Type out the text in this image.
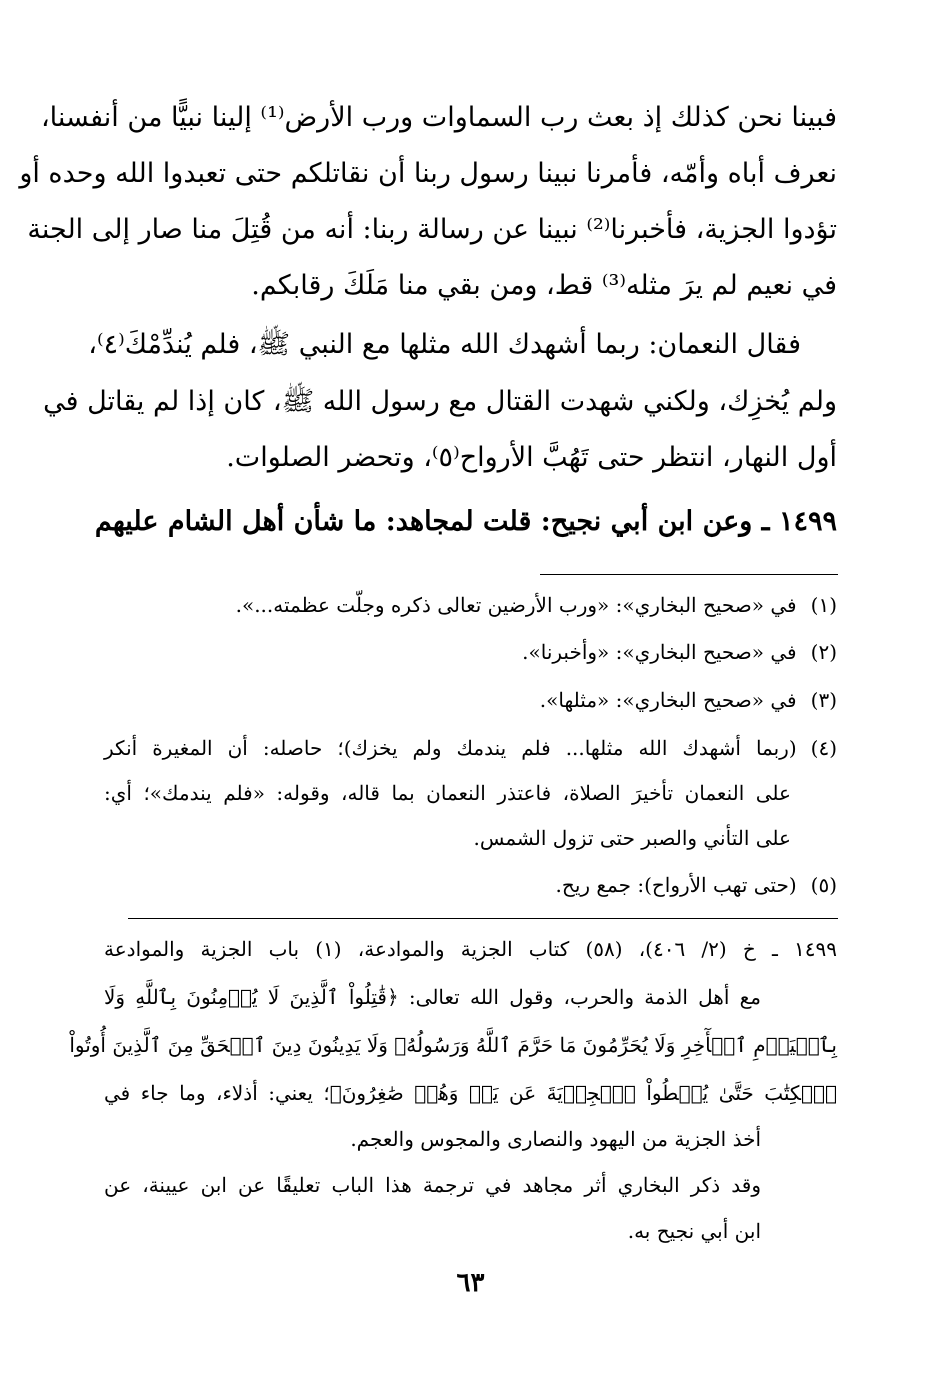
فبينا نحن كذلك إذ بعث رب السماوات ورب الأرض⁽¹⁾ إلينا نبيًّا من أنفسنا،
نعرف أباه وأمّه، فأمرنا نبينا رسول ربنا أن نقاتلكم حتى تعبدوا الله وحده أو
تؤدوا الجزية، فأخبرنا⁽²⁾ نبينا عن رسالة ربنا: أنه من قُتِلَ منا صار إلى الجنة
في نعيم لم يرَ مثله⁽³⁾ قط، ومن بقي منا مَلَكَ رقابكم.
فقال النعمان: ربما أشهدك الله مثلها مع النبي ﷺ، فلم يُندِّمْكَ⁽٤⁾،
ولم يُخزِك، ولكني شهدت القتال مع رسول الله ﷺ، كان إذا لم يقاتل في
أول النهار، انتظر حتى تَهُبَّ الأرواح⁽٥⁾، وتحضر الصلوات.
١٤٩٩ ـ وعن ابن أبي نجيح: قلت لمجاهد: ما شأن أهل الشام عليهم
(١)في «صحيح البخاري»: «ورب الأرضين تعالى ذكره وجلّت عظمته...».
(٢)في «صحيح البخاري»: «وأخبرنا».
(٣)في «صحيح البخاري»: «مثلها».
(٤)(ربما أشهدك الله مثلها... فلم يندمك ولم يخزك)؛ حاصله: أن المغيرة أنكر
على النعمان تأخيرَ الصلاة، فاعتذر النعمان بما قاله، وقوله: «فلم يندمك»؛ أي:
على التأني والصبر حتى تزول الشمس.
(٥)(حتى تهب الأرواح): جمع ريح.
١٤٩٩ ـ خ (٢/ ٤٠٦)، (٥٨) كتاب الجزية والموادعة، (١) باب الجزية والموادعة
مع أهل الذمة والحرب، وقول الله تعالى: ﴿قَٰتِلُواْ ٱلَّذِينَ لَا يُؤۡمِنُونَ بِٱللَّهِ وَلَا
بِٱلۡيَوۡمِ ٱلۡأٓخِرِ وَلَا يُحَرِّمُونَ مَا حَرَّمَ ٱللَّهُ وَرَسُولُهُۥ وَلَا يَدِينُونَ دِينَ ٱلۡحَقِّ مِنَ ٱلَّذِينَ أُوتُواْ
ٱلۡكِتَٰبَ حَتَّىٰ يُعۡطُواْ ٱلۡجِزۡيَةَ عَن يَدٖ وَهُمۡ صَٰغِرُونَ﴾؛ يعني: أذلاء، وما جاء في
أخذ الجزية من اليهود والنصارى والمجوس والعجم.
وقد ذكر البخاري أثر مجاهد في ترجمة هذا الباب تعليقًا عن ابن عيينة، عن
ابن أبي نجيح به.
٦٣
